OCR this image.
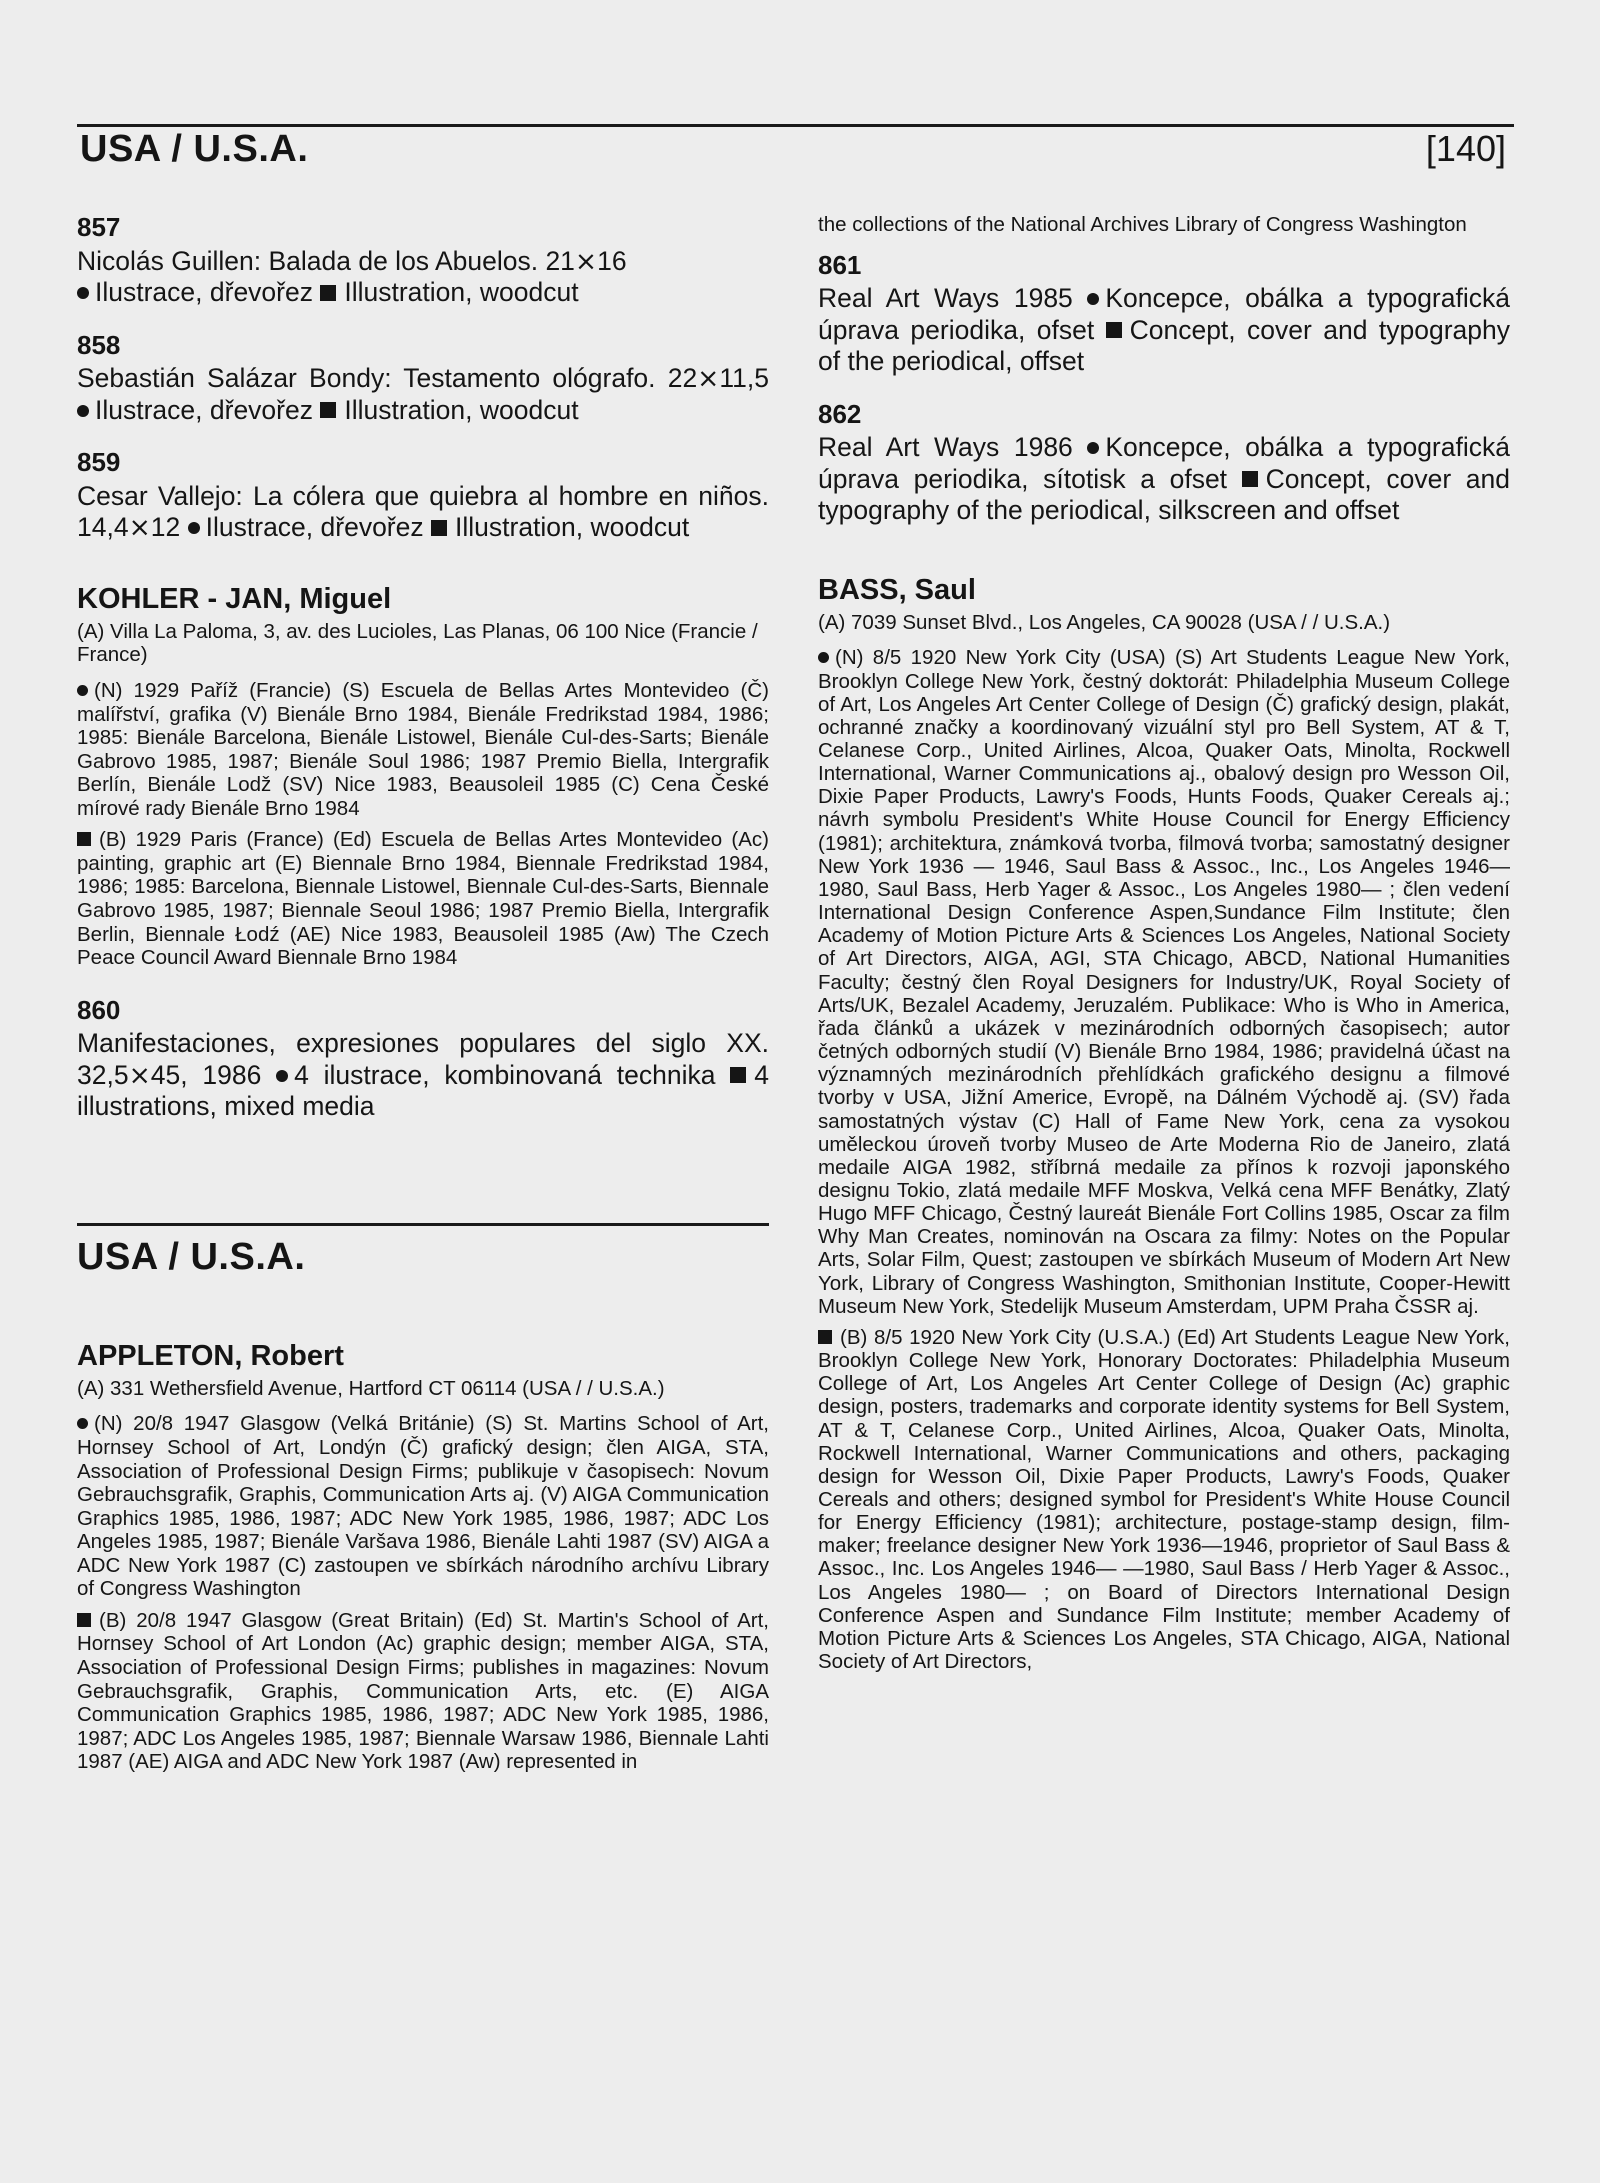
USA / U.S.A.	[140]
857

Nicolás Guillen: Balada de los Abuelos. 21⨯16
Ilustrace, dřevořez Illustration, woodcut

858

Sebastián Salázar Bondy: Testamento ológrafo. 22⨯11,5 Ilustrace, dřevořez Illustration, woodcut

859

Cesar Vallejo: La cólera que quiebra al hombre en niños. 14,4⨯12 Ilustrace, dřevořez Illustration, woodcut

KOHLER - JAN, Miguel
(A) Villa La Paloma, 3, av. des Lucioles, Las Planas, 06 100 Nice (Francie / France)

(N) 1929 Paříž (Francie) (S) Escuela de Bellas Artes Montevideo (Č) malířství, grafika (V) Bienále Brno 1984, Bienále Fredrikstad 1984, 1986; 1985: Bienále Barcelona, Bienále Listowel, Bienále Cul-des-Sarts; Bienále Gabrovo 1985, 1987; Bienále Soul 1986; 1987 Premio Biella, Intergrafik Berlín, Bienále Lodž (SV) Nice 1983, Beausoleil 1985 (C) Cena České mírové rady Bienále Brno 1984

(B) 1929 Paris (France) (Ed) Escuela de Bellas Artes Montevideo (Ac) painting, graphic art (E) Biennale Brno 1984, Biennale Fredrikstad 1984, 1986; 1985: Barcelona, Biennale Listowel, Biennale Cul-des-Sarts, Biennale Gabrovo 1985, 1987; Biennale Seoul 1986; 1987 Premio Biella, Intergrafik Berlin, Biennale Łodź (AE) Nice 1983, Beausoleil 1985 (Aw) The Czech Peace Council Award Biennale Brno 1984

860

Manifestaciones, expresiones populares del siglo XX. 32,5⨯45, 1986 4 ilustrace, kombinovaná technika 4 illustrations, mixed media

USA / U.S.A.
APPLETON, Robert
(A) 331 Wethersfield Avenue, Hartford CT 06114 (USA / / U.S.A.)

(N) 20/8 1947 Glasgow (Velká Británie) (S) St. Martins School of Art, Hornsey School of Art, Londýn (Č) grafický design; člen AIGA, STA, Association of Professional Design Firms; publikuje v časopisech: Novum Gebrauchsgrafik, Graphis, Communication Arts aj. (V) AIGA Communication Graphics 1985, 1986, 1987; ADC New York 1985, 1986, 1987; ADC Los Angeles 1985, 1987; Bienále Varšava 1986, Bienále Lahti 1987 (SV) AIGA a ADC New York 1987 (C) zastoupen ve sbírkách národního archívu Library of Congress Washington

(B) 20/8 1947 Glasgow (Great Britain) (Ed) St. Martin's School of Art, Hornsey School of Art London (Ac) graphic design; member AIGA, STA, Association of Professional Design Firms; publishes in magazines: Novum Gebrauchsgrafik, Graphis, Communication Arts, etc. (E) AIGA Communication Graphics 1985, 1986, 1987; ADC New York 1985, 1986, 1987; ADC Los Angeles 1985, 1987; Biennale Warsaw 1986, Biennale Lahti 1987 (AE) AIGA and ADC New York 1987 (Aw) represented in

the collections of the National Archives Library of Congress Washington

861

Real Art Ways 1985 Koncepce, obálka a typografická úprava periodika, ofset Concept, cover and typography of the periodical, offset

862

Real Art Ways 1986 Koncepce, obálka a typografická úprava periodika, sítotisk a ofset Concept, cover and typography of the periodical, silkscreen and offset

BASS, Saul
(A) 7039 Sunset Blvd., Los Angeles, CA 90028 (USA / / U.S.A.)

(N) 8/5 1920 New York City (USA) (S) Art Students League New York, Brooklyn College New York, čestný doktorát: Philadelphia Museum College of Art, Los Angeles Art Center College of Design (Č) grafický design, plakát, ochranné značky a koordinovaný vizuální styl pro Bell System, AT & T, Celanese Corp., United Airlines, Alcoa, Quaker Oats, Minolta, Rockwell International, Warner Communications aj., obalový design pro Wesson Oil, Dixie Paper Products, Lawry's Foods, Hunts Foods, Quaker Cereals aj.; návrh symbolu President's White House Council for Energy Efficiency (1981); architektura, známková tvorba, filmová tvorba; samostatný designer New York 1936 — 1946, Saul Bass & Assoc., Inc., Los Angeles 1946—1980, Saul Bass, Herb Yager & Assoc., Los Angeles 1980— ; člen vedení International Design Conference Aspen,Sundance Film Institute; člen Academy of Motion Picture Arts & Sciences Los Angeles, National Society of Art Directors, AIGA, AGI, STA Chicago, ABCD, National Humanities Faculty; čestný člen Royal Designers for Industry/UK, Royal Society of Arts/UK, Bezalel Academy, Jeruzalém. Publikace: Who is Who in America, řada článků a ukázek v mezinárodních odborných časopisech; autor četných odborných studií (V) Bienále Brno 1984, 1986; pravidelná účast na významných mezinárodních přehlídkách grafického designu a filmové tvorby v USA, Jižní Americe, Evropě, na Dálném Východě aj. (SV) řada samostatných výstav (C) Hall of Fame New York, cena za vysokou uměleckou úroveň tvorby Museo de Arte Moderna Rio de Janeiro, zlatá medaile AIGA 1982, stříbrná medaile za přínos k rozvoji japonského designu Tokio, zlatá medaile MFF Moskva, Velká cena MFF Benátky, Zlatý Hugo MFF Chicago, Čestný laureát Bienále Fort Collins 1985, Oscar za film Why Man Creates, nominován na Oscara za filmy: Notes on the Popular Arts, Solar Film, Quest; zastoupen ve sbírkách Museum of Modern Art New York, Library of Congress Washington, Smithonian Institute, Cooper-Hewitt Museum New York, Stedelijk Museum Amsterdam, UPM Praha ČSSR aj.

(B) 8/5 1920 New York City (U.S.A.) (Ed) Art Students League New York, Brooklyn College New York, Honorary Doctorates: Philadelphia Museum College of Art, Los Angeles Art Center College of Design (Ac) graphic design, posters, trademarks and corporate identity systems for Bell System, AT & T, Celanese Corp., United Airlines, Alcoa, Quaker Oats, Minolta, Rockwell International, Warner Communications and others, packaging design for Wesson Oil, Dixie Paper Products, Lawry's Foods, Quaker Cereals and others; designed symbol for President's White House Council for Energy Efficiency (1981); architecture, postage-stamp design, film-maker; freelance designer New York 1936—1946, proprietor of Saul Bass & Assoc., Inc. Los Angeles 1946— —1980, Saul Bass / Herb Yager & Assoc., Los Angeles 1980— ; on Board of Directors International Design Conference Aspen and Sundance Film Institute; member Academy of Motion Picture Arts & Sciences Los Angeles, STA Chicago, AIGA, National Society of Art Directors,
